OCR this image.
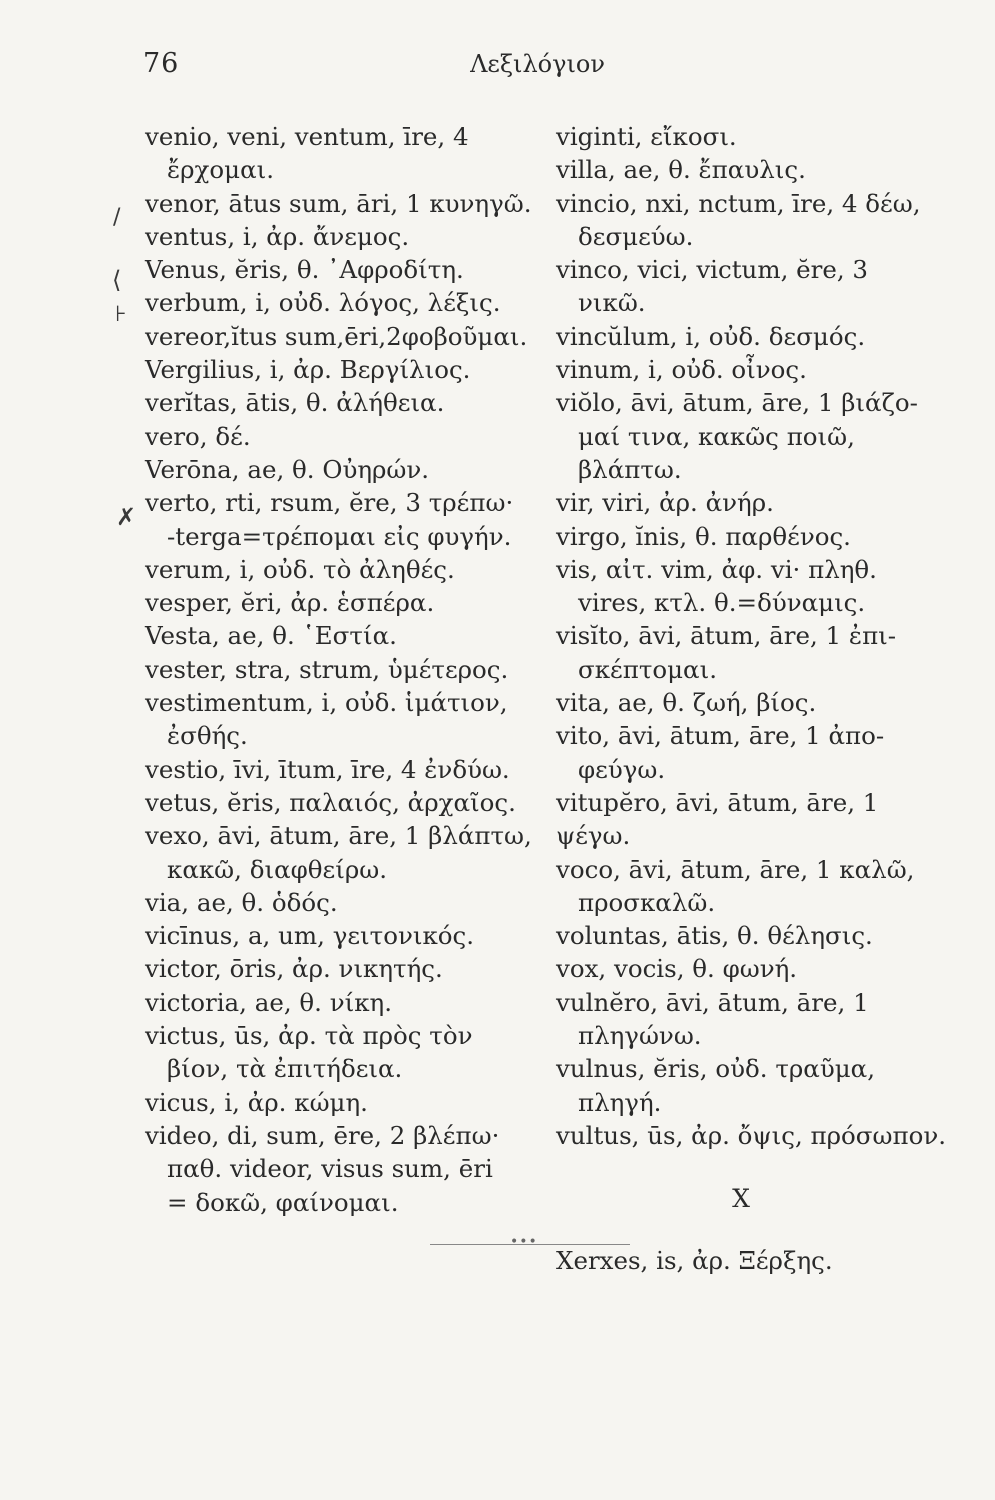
76	Λεξιλόγιον
venio, veni, ventum, īre, 4
ἔρχομαι.
venor, ātus sum, āri, 1 κυνηγῶ.
ventus, i, ἀρ. ἄνεμος.
Venus, ĕris, θ. ᾿Αφροδίτη.
verbum, i, οὐδ. λόγος, λέξις.
vereor,ĭtus sum,ēri,2φοβοῦμαι.
Vergilius, i, ἀρ. Βεργίλιος.
verĭtas, ātis, θ. ἀλήθεια.
vero, δέ.
Verōna, ae, θ. Οὐηρών.
verto, rti, rsum, ĕre, 3 τρέπω·
-terga=τρέπομαι εἰς φυγήν.
verum, i, οὐδ. τὸ ἀληθές.
vesper, ĕri, ἀρ. ἑσπέρα.
Vesta, ae, θ. ῾Εστία.
vester, stra, strum, ὑμέτερος.
vestimentum, i, οὐδ. ἱμάτιον,
ἐσθής.
vestio, īvi, ītum, īre, 4 ἐνδύω.
vetus, ĕris, παλαιός, ἀρχαῖος.
vexo, āvi, ātum, āre, 1 βλάπτω,
κακῶ, διαφθείρω.
via, ae, θ. ὁδός.
vicīnus, a, um, γειτονικός.
victor, ōris, ἀρ. νικητής.
victoria, ae, θ. νίκη.
victus, ūs, ἀρ. τὰ πρὸς τὸν
βίον, τὰ ἐπιτήδεια.
vicus, i, ἀρ. κώμη.
video, di, sum, ēre, 2 βλέπω·
παθ. videor, visus sum, ēri
= δοκῶ, φαίνομαι.
viginti, εἴκοσι.
villa, ae, θ. ἔπαυλις.
vincio, nxi, nctum, īre, 4 δέω,
δεσμεύω.
vinco, vici, victum, ĕre, 3
νικῶ.
vincŭlum, i, οὐδ. δεσμός.
vinum, i, οὐδ. οἶνος.
viŏlo, āvi, ātum, āre, 1 βιάζο-
μαί τινα, κακῶς ποιῶ, βλάπτω.
vir, viri, ἀρ. ἀνήρ.
virgo, ĭnis, θ. παρθένος.
vis, αἰτ. vim, ἀφ. vi· πληθ.
vires, κτλ. θ.=δύναμις.
visĭto, āvi, ātum, āre, 1 ἐπι-
σκέπτομαι.
vita, ae, θ. ζωή, βίος.
vito, āvi, ātum, āre, 1 ἀπο-
φεύγω.
vitupĕro, āvi, ātum, āre, 1 ψέγω.
voco, āvi, ātum, āre, 1 καλῶ,
προσκαλῶ.
voluntas, ātis, θ. θέλησις.
vox, vocis, θ. φωνή.
vulnĕro, āvi, ātum, āre, 1
πληγώνω.
vulnus, ĕris, οὐδ. τραῦμα,
πληγή.
vultus, ūs, ἀρ. ὄψις, πρόσωπον.
X
Xerxes, is, ἀρ. Ξέρξης.
/
⟨
⊦
✗
•••
